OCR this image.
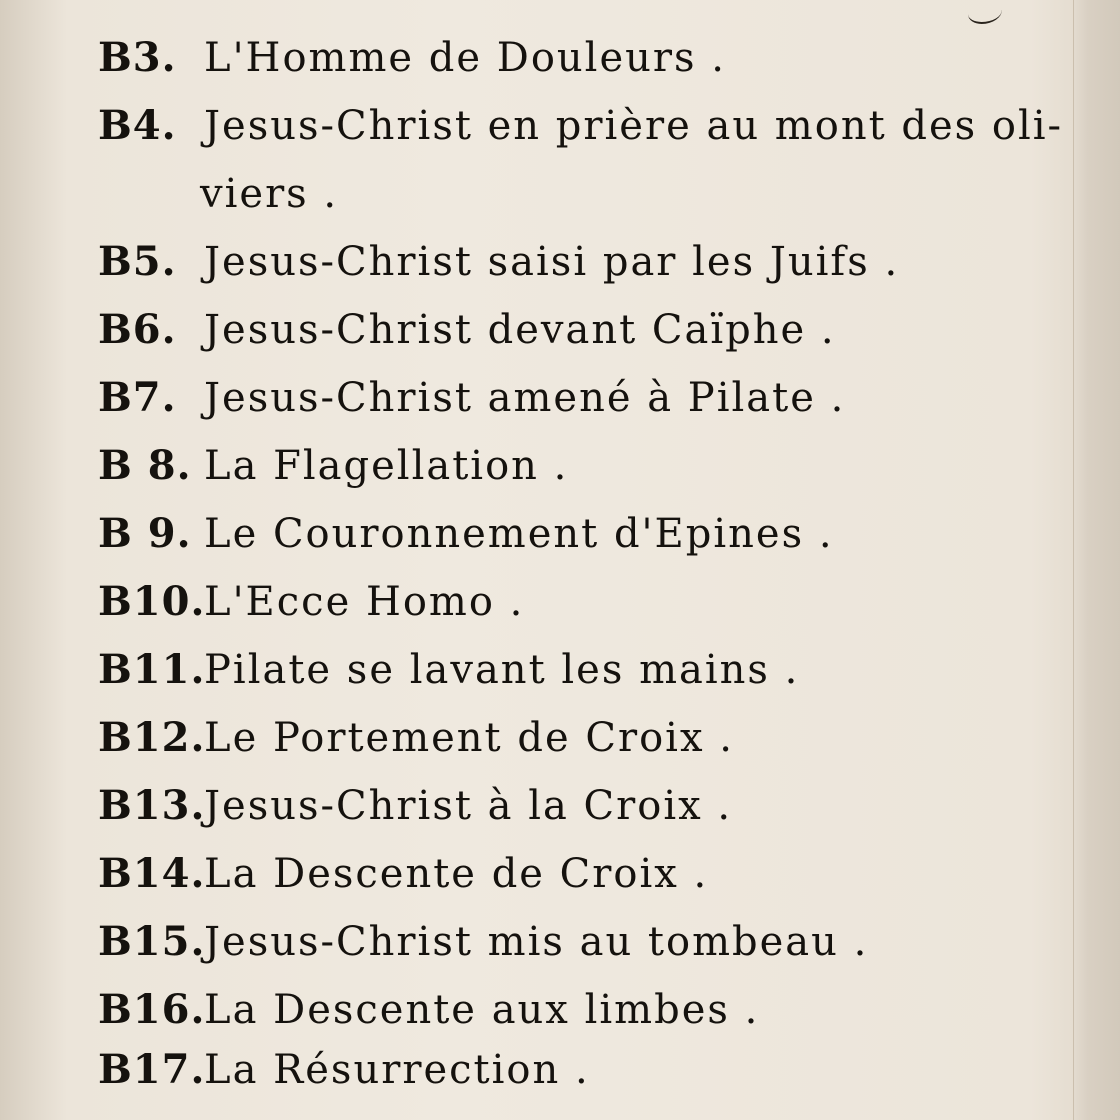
B3. L'Homme de Douleurs .
B4. Jesus-Christ en prière au mont des oli-
viers .
B5. Jesus-Christ saisi par les Juifs .
B6. Jesus-Christ devant Caïphe .
B7. Jesus-Christ amené à Pilate .
B 8. La Flagellation .
B 9. Le Couronnement d'Epines .
B10.
L'Ecce Homo .
B11.
Pilate se lavant les mains .
B12.
Le Portement de Croix .
B13.
Jesus-Christ à la Croix .
B14.
La Descente de Croix .
B15.
Jesus-Christ mis au tombeau .
B16.
La Descente aux limbes .
B17.
La Résurrection .
